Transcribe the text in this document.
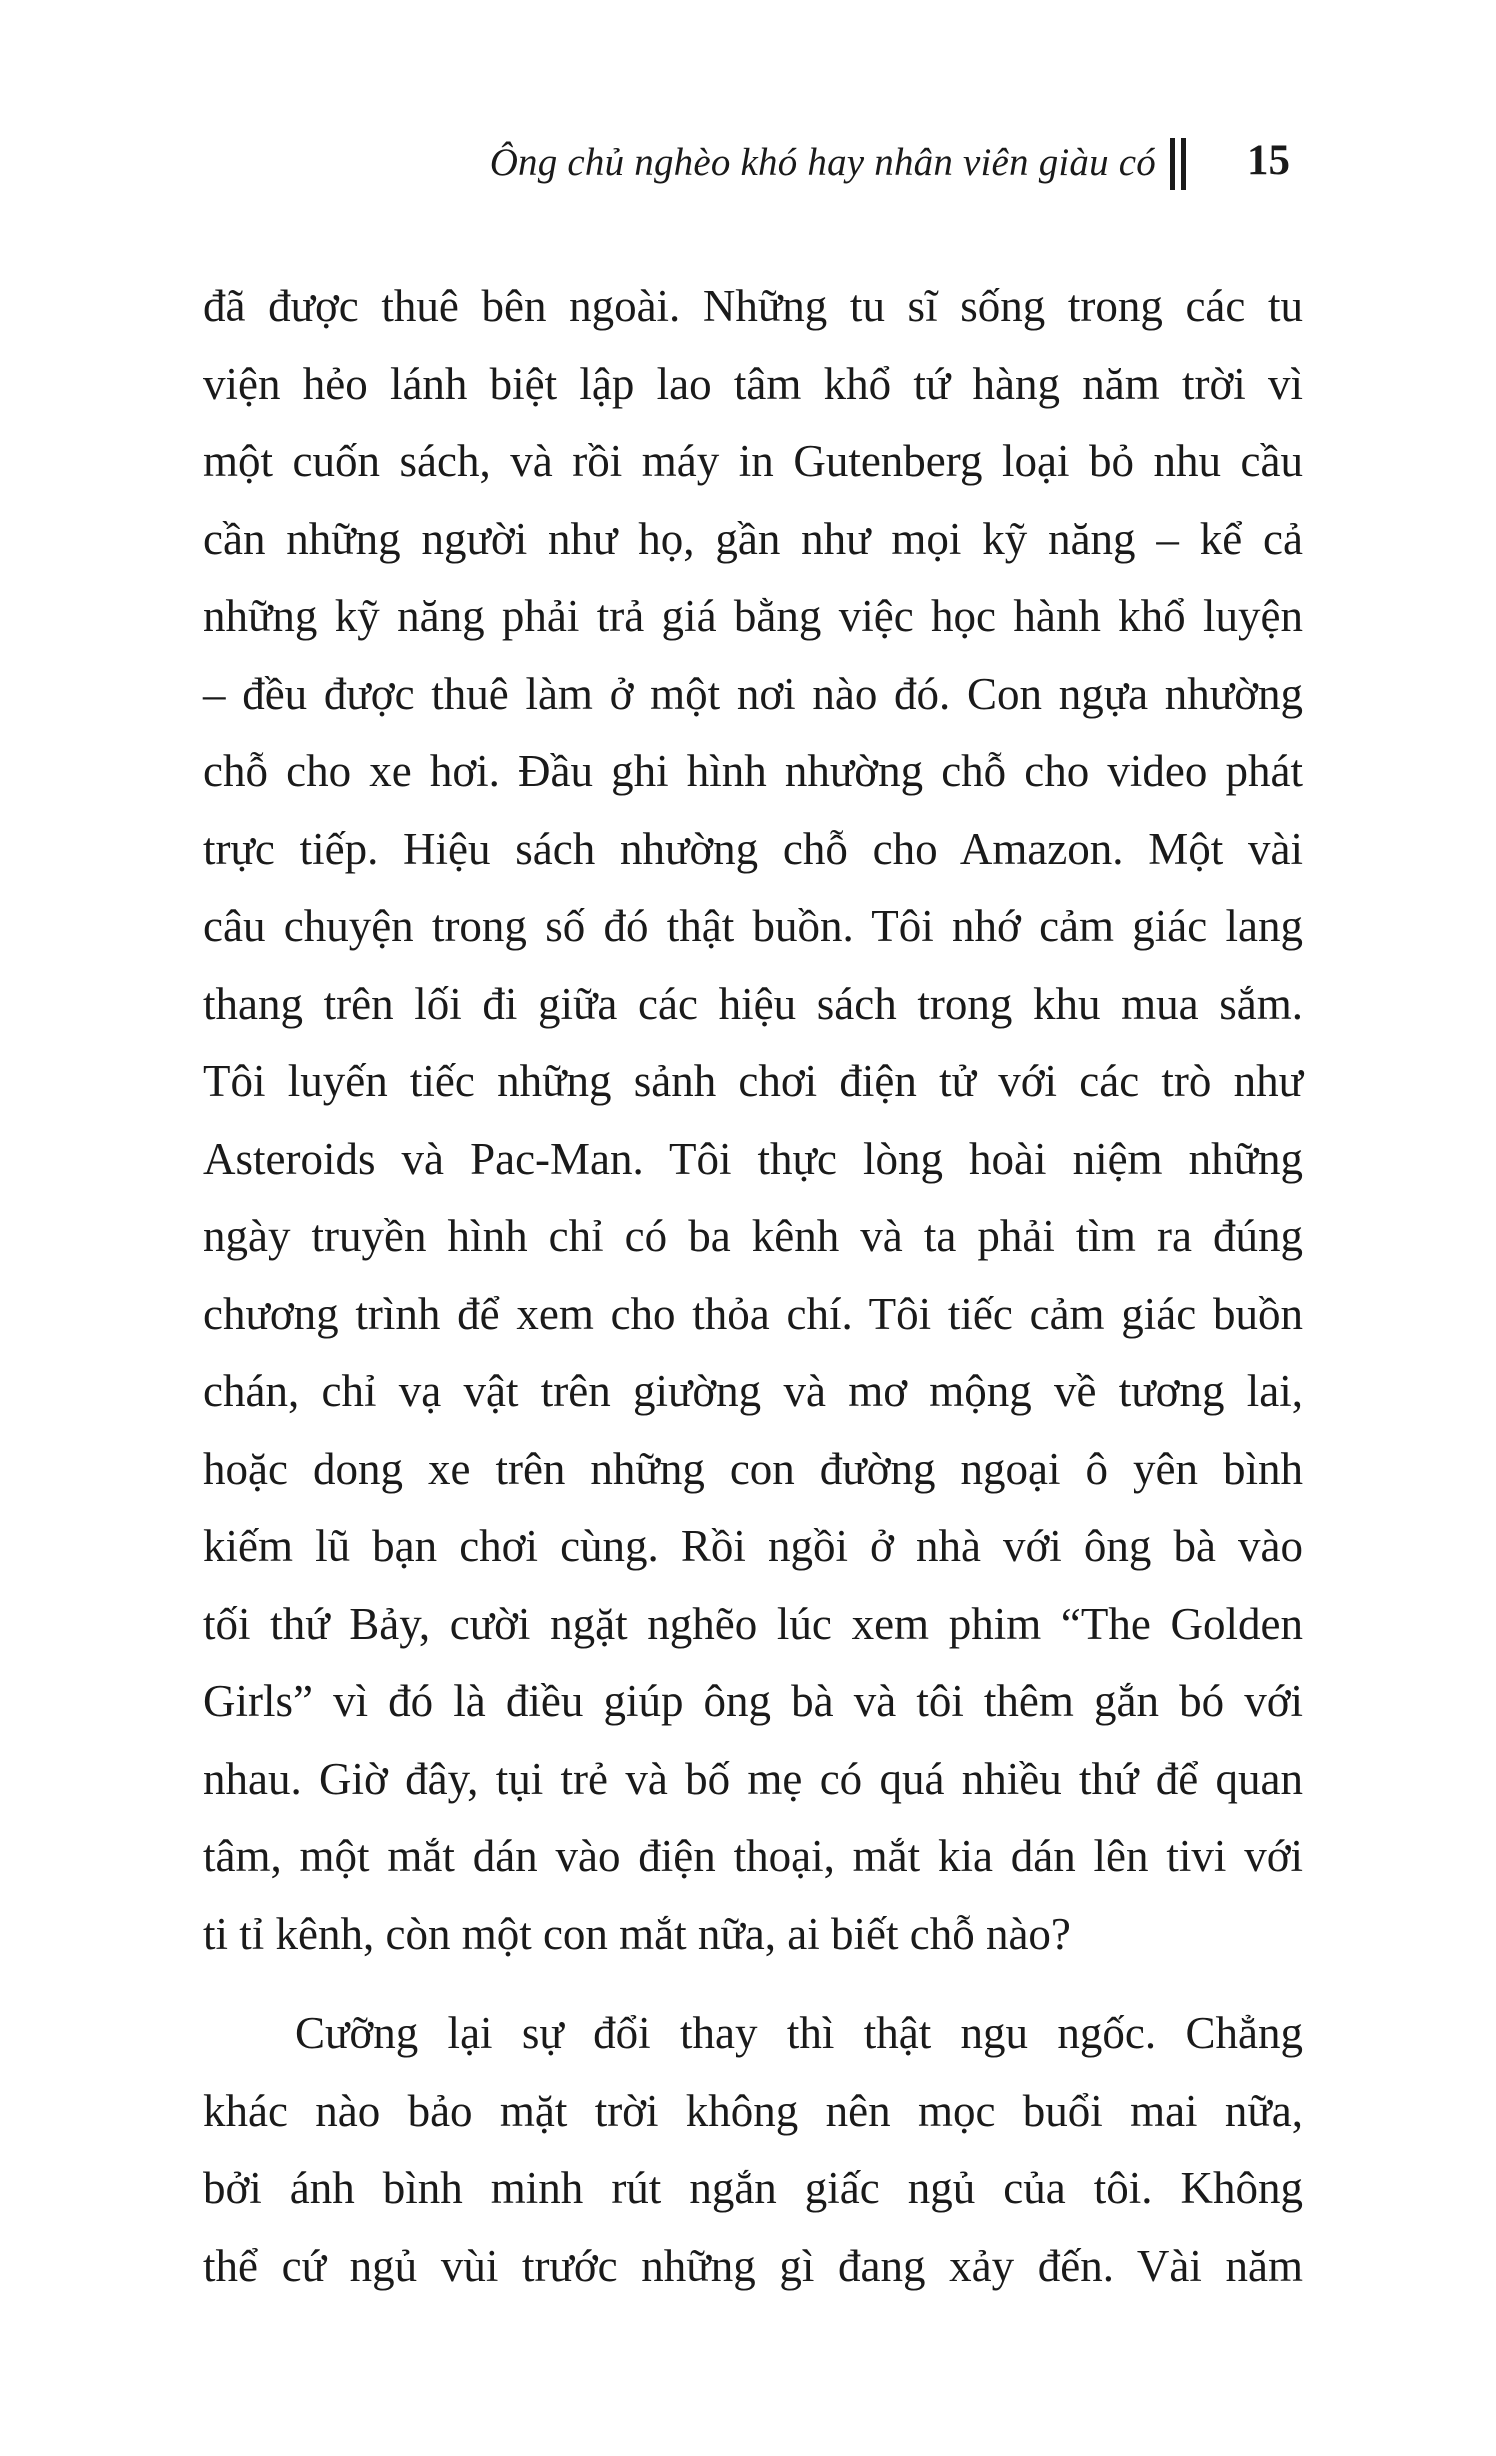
Ông chủ nghèo khó hay nhân viên giàu có 15
đã được thuê bên ngoài. Những tu sĩ sống trong các tu
viện hẻo lánh biệt lập lao tâm khổ tứ hàng năm trời vì
một cuốn sách, và rồi máy in Gutenberg loại bỏ nhu cầu
cần những người như họ, gần như mọi kỹ năng – kể cả
những kỹ năng phải trả giá bằng việc học hành khổ luyện
– đều được thuê làm ở một nơi nào đó. Con ngựa nhường
chỗ cho xe hơi. Đầu ghi hình nhường chỗ cho video phát
trực tiếp. Hiệu sách nhường chỗ cho Amazon. Một vài
câu chuyện trong số đó thật buồn. Tôi nhớ cảm giác lang
thang trên lối đi giữa các hiệu sách trong khu mua sắm.
Tôi luyến tiếc những sảnh chơi điện tử với các trò như
Asteroids và Pac-Man. Tôi thực lòng hoài niệm những
ngày truyền hình chỉ có ba kênh và ta phải tìm ra đúng
chương trình để xem cho thỏa chí. Tôi tiếc cảm giác buồn
chán, chỉ vạ vật trên giường và mơ mộng về tương lai,
hoặc dong xe trên những con đường ngoại ô yên bình
kiếm lũ bạn chơi cùng. Rồi ngồi ở nhà với ông bà vào
tối thứ Bảy, cười ngặt nghẽo lúc xem phim “The Golden
Girls” vì đó là điều giúp ông bà và tôi thêm gắn bó với
nhau. Giờ đây, tụi trẻ và bố mẹ có quá nhiều thứ để quan
tâm, một mắt dán vào điện thoại, mắt kia dán lên tivi với
ti tỉ kênh, còn một con mắt nữa, ai biết chỗ nào?
Cưỡng lại sự đổi thay thì thật ngu ngốc. Chẳng
khác nào bảo mặt trời không nên mọc buổi mai nữa,
bởi ánh bình minh rút ngắn giấc ngủ của tôi. Không
thể cứ ngủ vùi trước những gì đang xảy đến. Vài năm
